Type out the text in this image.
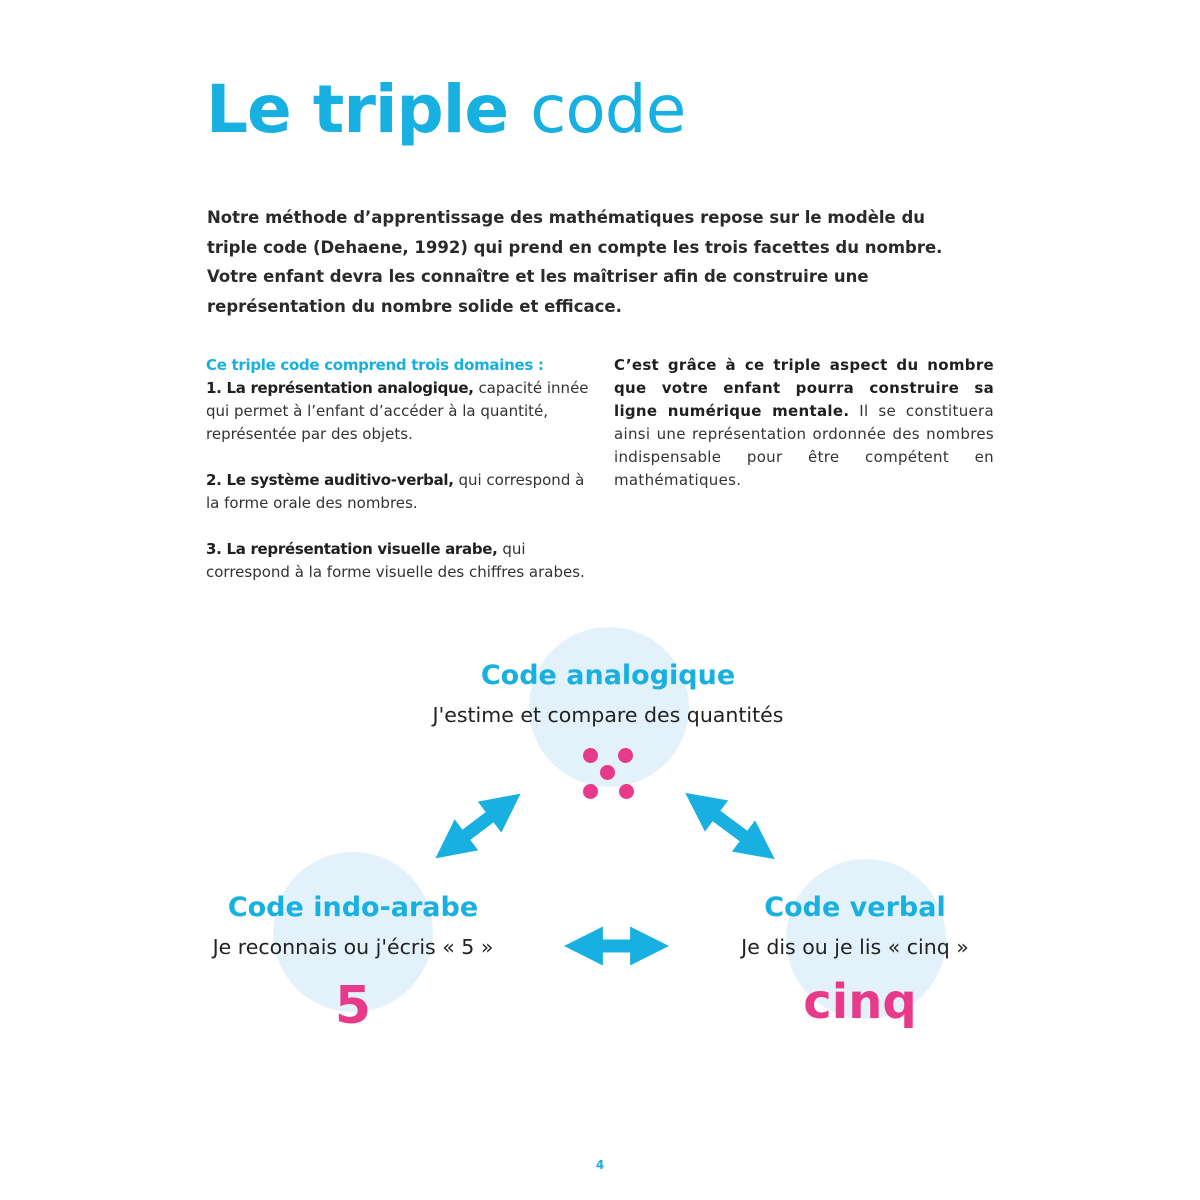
Le triple code

Notre méthode d’apprentissage des mathématiques repose sur le modèle du triple code (Dehaene, 1992) qui prend en compte les trois facettes du nombre. Votre enfant devra les connaître et les maîtriser afin de construire une représentation du nombre solide et efficace.

Ce triple code comprend trois domaines :
1. La représentation analogique, capacité innée qui permet à l’enfant d’accéder à la quantité, représentée par des objets.

2. Le système auditivo-verbal, qui correspond à la forme orale des nombres.

3. La représentation visuelle arabe, qui correspond à la forme visuelle des chiffres arabes.

C’est grâce à ce triple aspect du nombre que votre enfant pourra construire sa ligne numérique mentale. Il se constituera ainsi une représentation ordonnée des nombres indispensable pour être compétent en mathématiques.

Code analogique
J'estime et compare des quantités
Code indo-arabe
Je reconnais ou j'écris « 5 »
5
Code verbal
Je dis ou je lis « cinq »
cinq
4
